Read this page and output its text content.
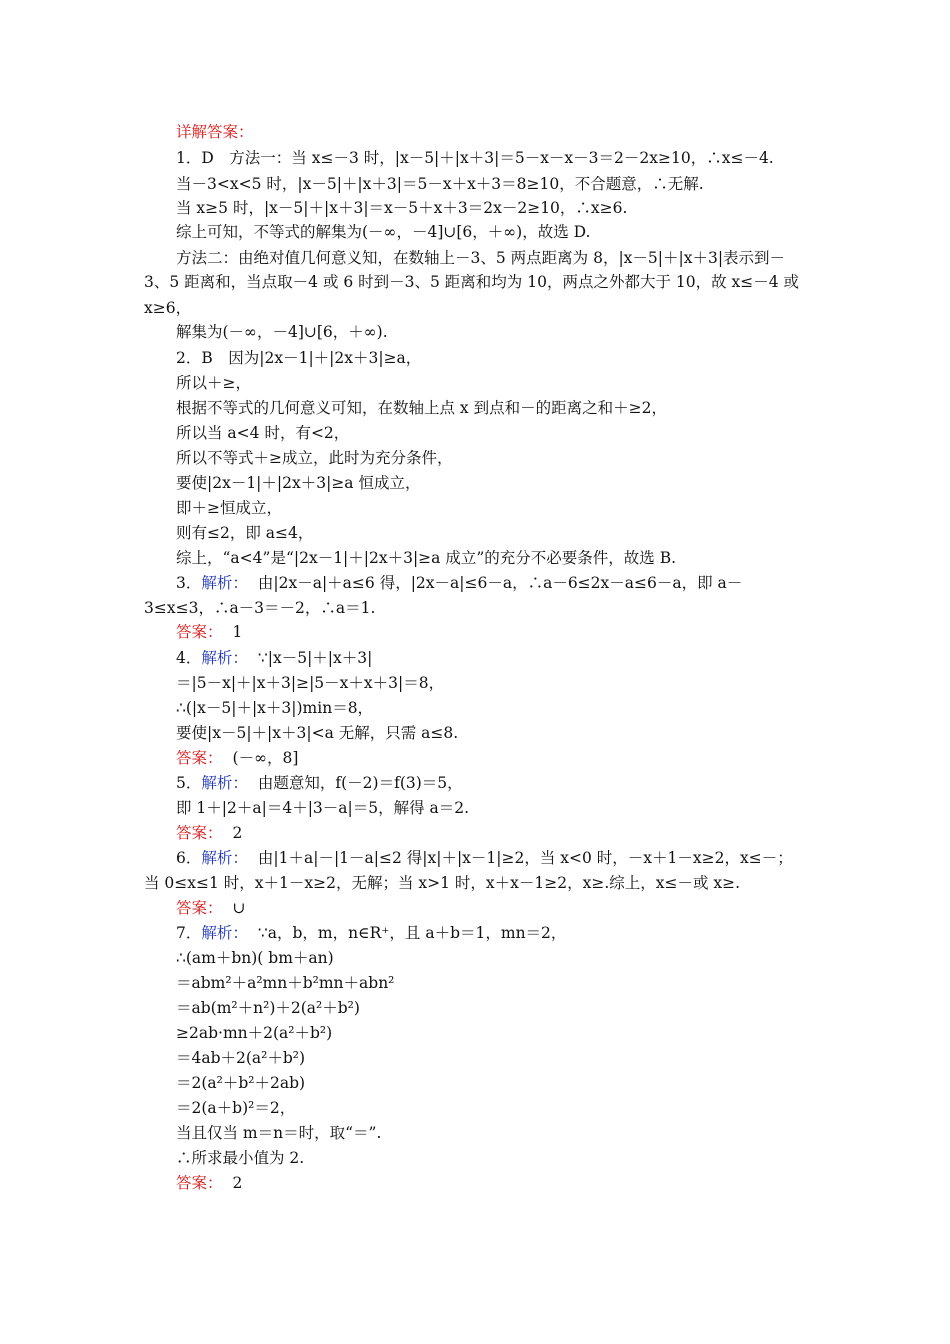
详解答案：
1．D　方法一：当 x≤－3 时，|x－5|＋|x＋3|＝5－x－x－3＝2－2x≥10，∴x≤－4.
当－3<x<5 时，|x－5|＋|x＋3|＝5－x＋x＋3＝8≥10，不合题意，∴无解.
当 x≥5 时，|x－5|＋|x＋3|＝x－5＋x＋3＝2x－2≥10，∴x≥6.
综上可知，不等式的解集为(－∞，－4]∪[6，＋∞)，故选 D.
方法二：由绝对值几何意义知，在数轴上－3、5 两点距离为 8，|x－5|＋|x＋3|表示到－
3、5 距离和，当点取－4 或 6 时到－3、5 距离和均为 10，两点之外都大于 10，故 x≤－4 或
x≥6，
解集为(－∞，－4]∪[6，＋∞).
2．B　因为|2x－1|＋|2x＋3|≥a，
所以＋≥，
根据不等式的几何意义可知，在数轴上点 x 到点和－的距离之和＋≥2，
所以当 a<4 时，有<2，
所以不等式＋≥成立，此时为充分条件，
要使|2x－1|＋|2x＋3|≥a 恒成立，
即＋≥恒成立，
则有≤2，即 a≤4，
综上，“a<4”是“|2x－1|＋|2x＋3|≥a 成立”的充分不必要条件，故选 B.
3．解析： 由|2x－a|＋a≤6 得，|2x－a|≤6－a，∴a－6≤2x－a≤6－a，即 a－
3≤x≤3，∴a－3＝－2，∴a＝1.
答案： 1
4．解析： ∵|x－5|＋|x＋3|
＝|5－x|＋|x＋3|≥|5－x＋x＋3|＝8，
∴(|x－5|＋|x＋3|)min＝8，
要使|x－5|＋|x＋3|<a 无解，只需 a≤8.
答案： (－∞，8]
5．解析： 由题意知，f(－2)＝f(3)＝5，
即 1＋|2＋a|＝4＋|3－a|＝5，解得 a＝2.
答案： 2
6．解析： 由|1＋a|－|1－a|≤2 得|x|＋|x－1|≥2，当 x<0 时，－x＋1－x≥2，x≤－；
当 0≤x≤1 时，x＋1－x≥2，无解；当 x>1 时，x＋x－1≥2，x≥.综上，x≤－或 x≥.
答案： ∪
7．解析： ∵a，b，m，n∈R⁺，且 a＋b＝1，mn＝2，
∴(am＋bn)( bm＋an)
＝abm²＋a²mn＋b²mn＋abn²
＝ab(m²＋n²)＋2(a²＋b²)
≥2ab·mn＋2(a²＋b²)
＝4ab＋2(a²＋b²)
＝2(a²＋b²＋2ab)
＝2(a＋b)²＝2，
当且仅当 m＝n＝时，取“＝”.
∴所求最小值为 2.
答案： 2
